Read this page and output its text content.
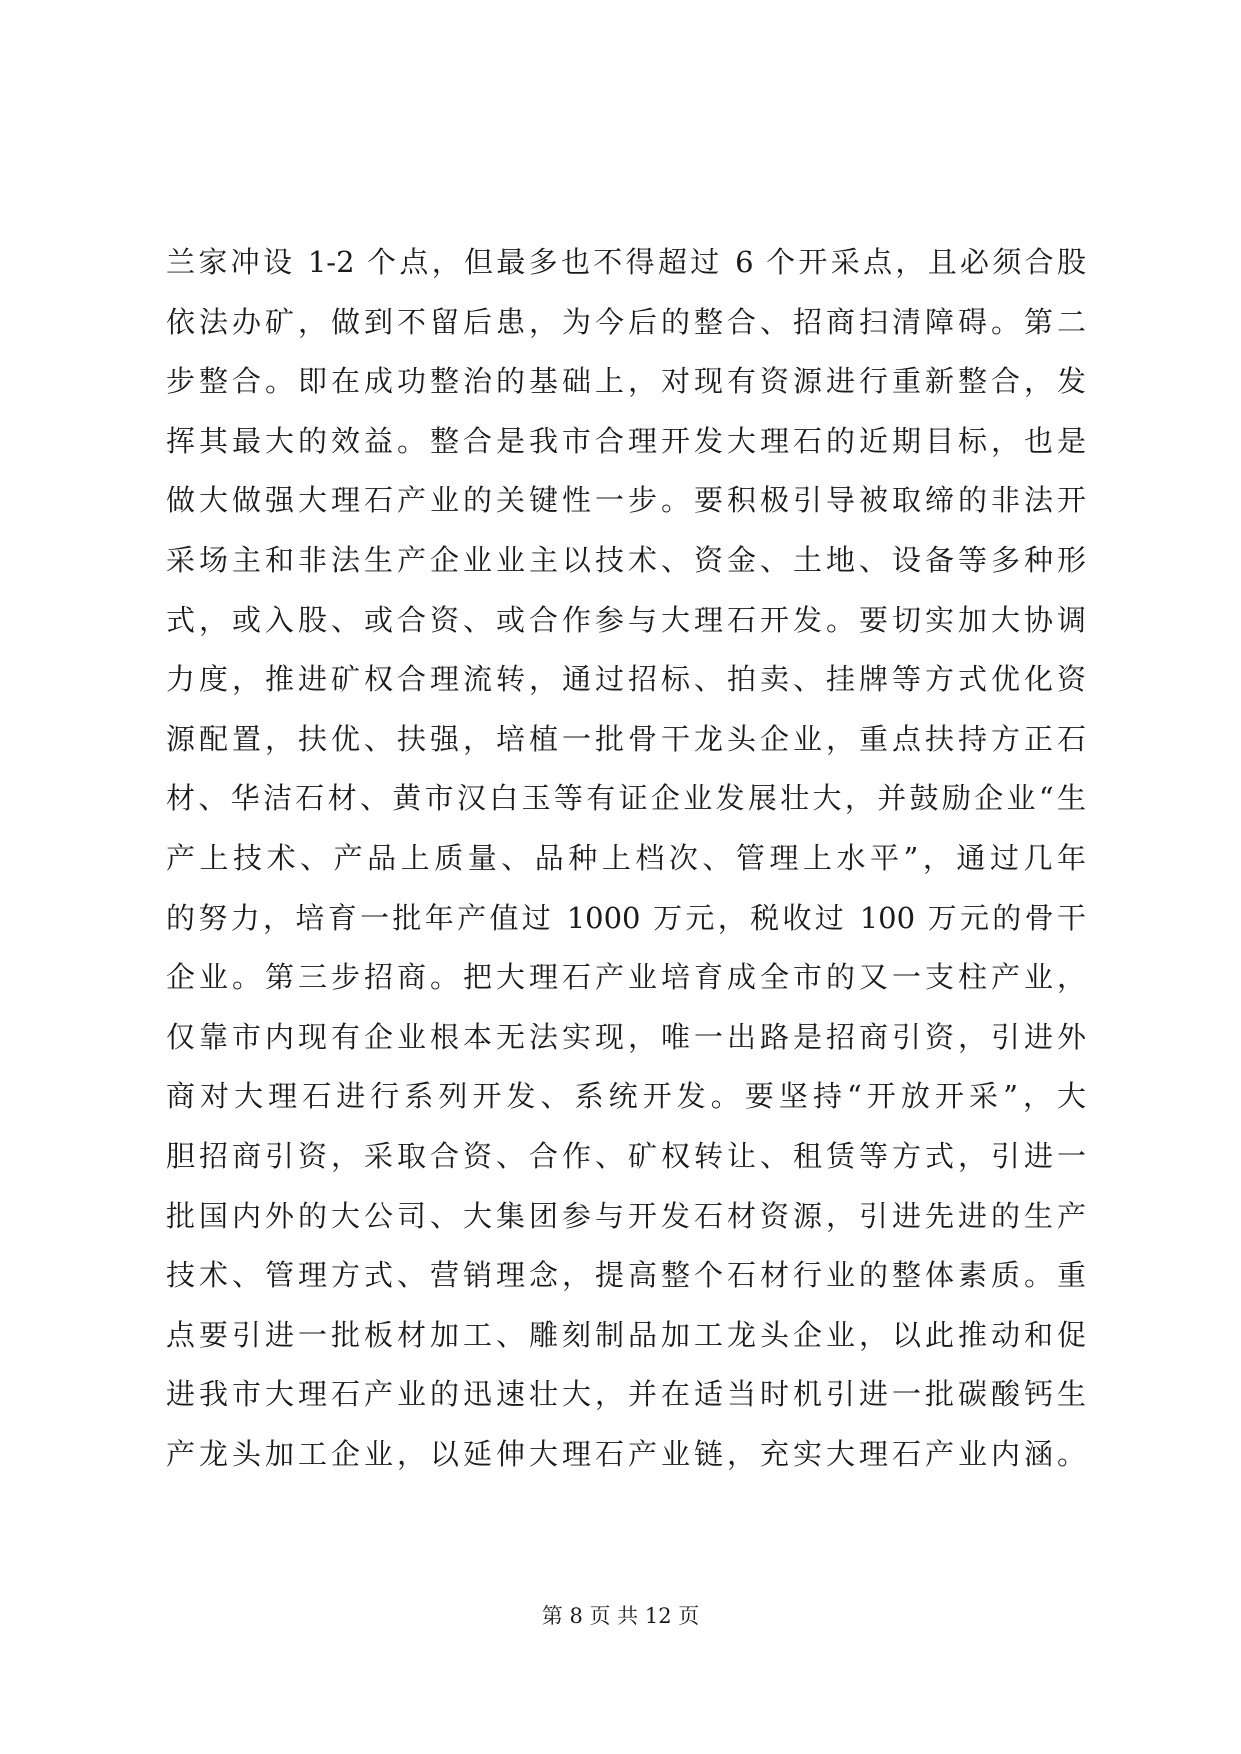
兰家冲设 1-2 个点，但最多也不得超过 6 个开采点，且必须合股
依法办矿，做到不留后患，为今后的整合、招商扫清障碍。第二
步整合。即在成功整治的基础上，对现有资源进行重新整合，发
挥其最大的效益。整合是我市合理开发大理石的近期目标，也是
做大做强大理石产业的关键性一步。要积极引导被取缔的非法开
采场主和非法生产企业业主以技术、资金、土地、设备等多种形
式，或入股、或合资、或合作参与大理石开发。要切实加大协调
力度，推进矿权合理流转，通过招标、拍卖、挂牌等方式优化资
源配置，扶优、扶强，培植一批骨干龙头企业，重点扶持方正石
材、华洁石材、黄市汉白玉等有证企业发展壮大，并鼓励企业“生
产上技术、产品上质量、品种上档次、管理上水平”，通过几年
的努力，培育一批年产值过 1000 万元，税收过 100 万元的骨干
企业。第三步招商。把大理石产业培育成全市的又一支柱产业，
仅靠市内现有企业根本无法实现，唯一出路是招商引资，引进外
商对大理石进行系列开发、系统开发。要坚持“开放开采”，大
胆招商引资，采取合资、合作、矿权转让、租赁等方式，引进一
批国内外的大公司、大集团参与开发石材资源，引进先进的生产
技术、管理方式、营销理念，提高整个石材行业的整体素质。重
点要引进一批板材加工、雕刻制品加工龙头企业，以此推动和促
进我市大理石产业的迅速壮大，并在适当时机引进一批碳酸钙生
产龙头加工企业，以延伸大理石产业链，充实大理石产业内涵。
第 8 页 共 12 页
